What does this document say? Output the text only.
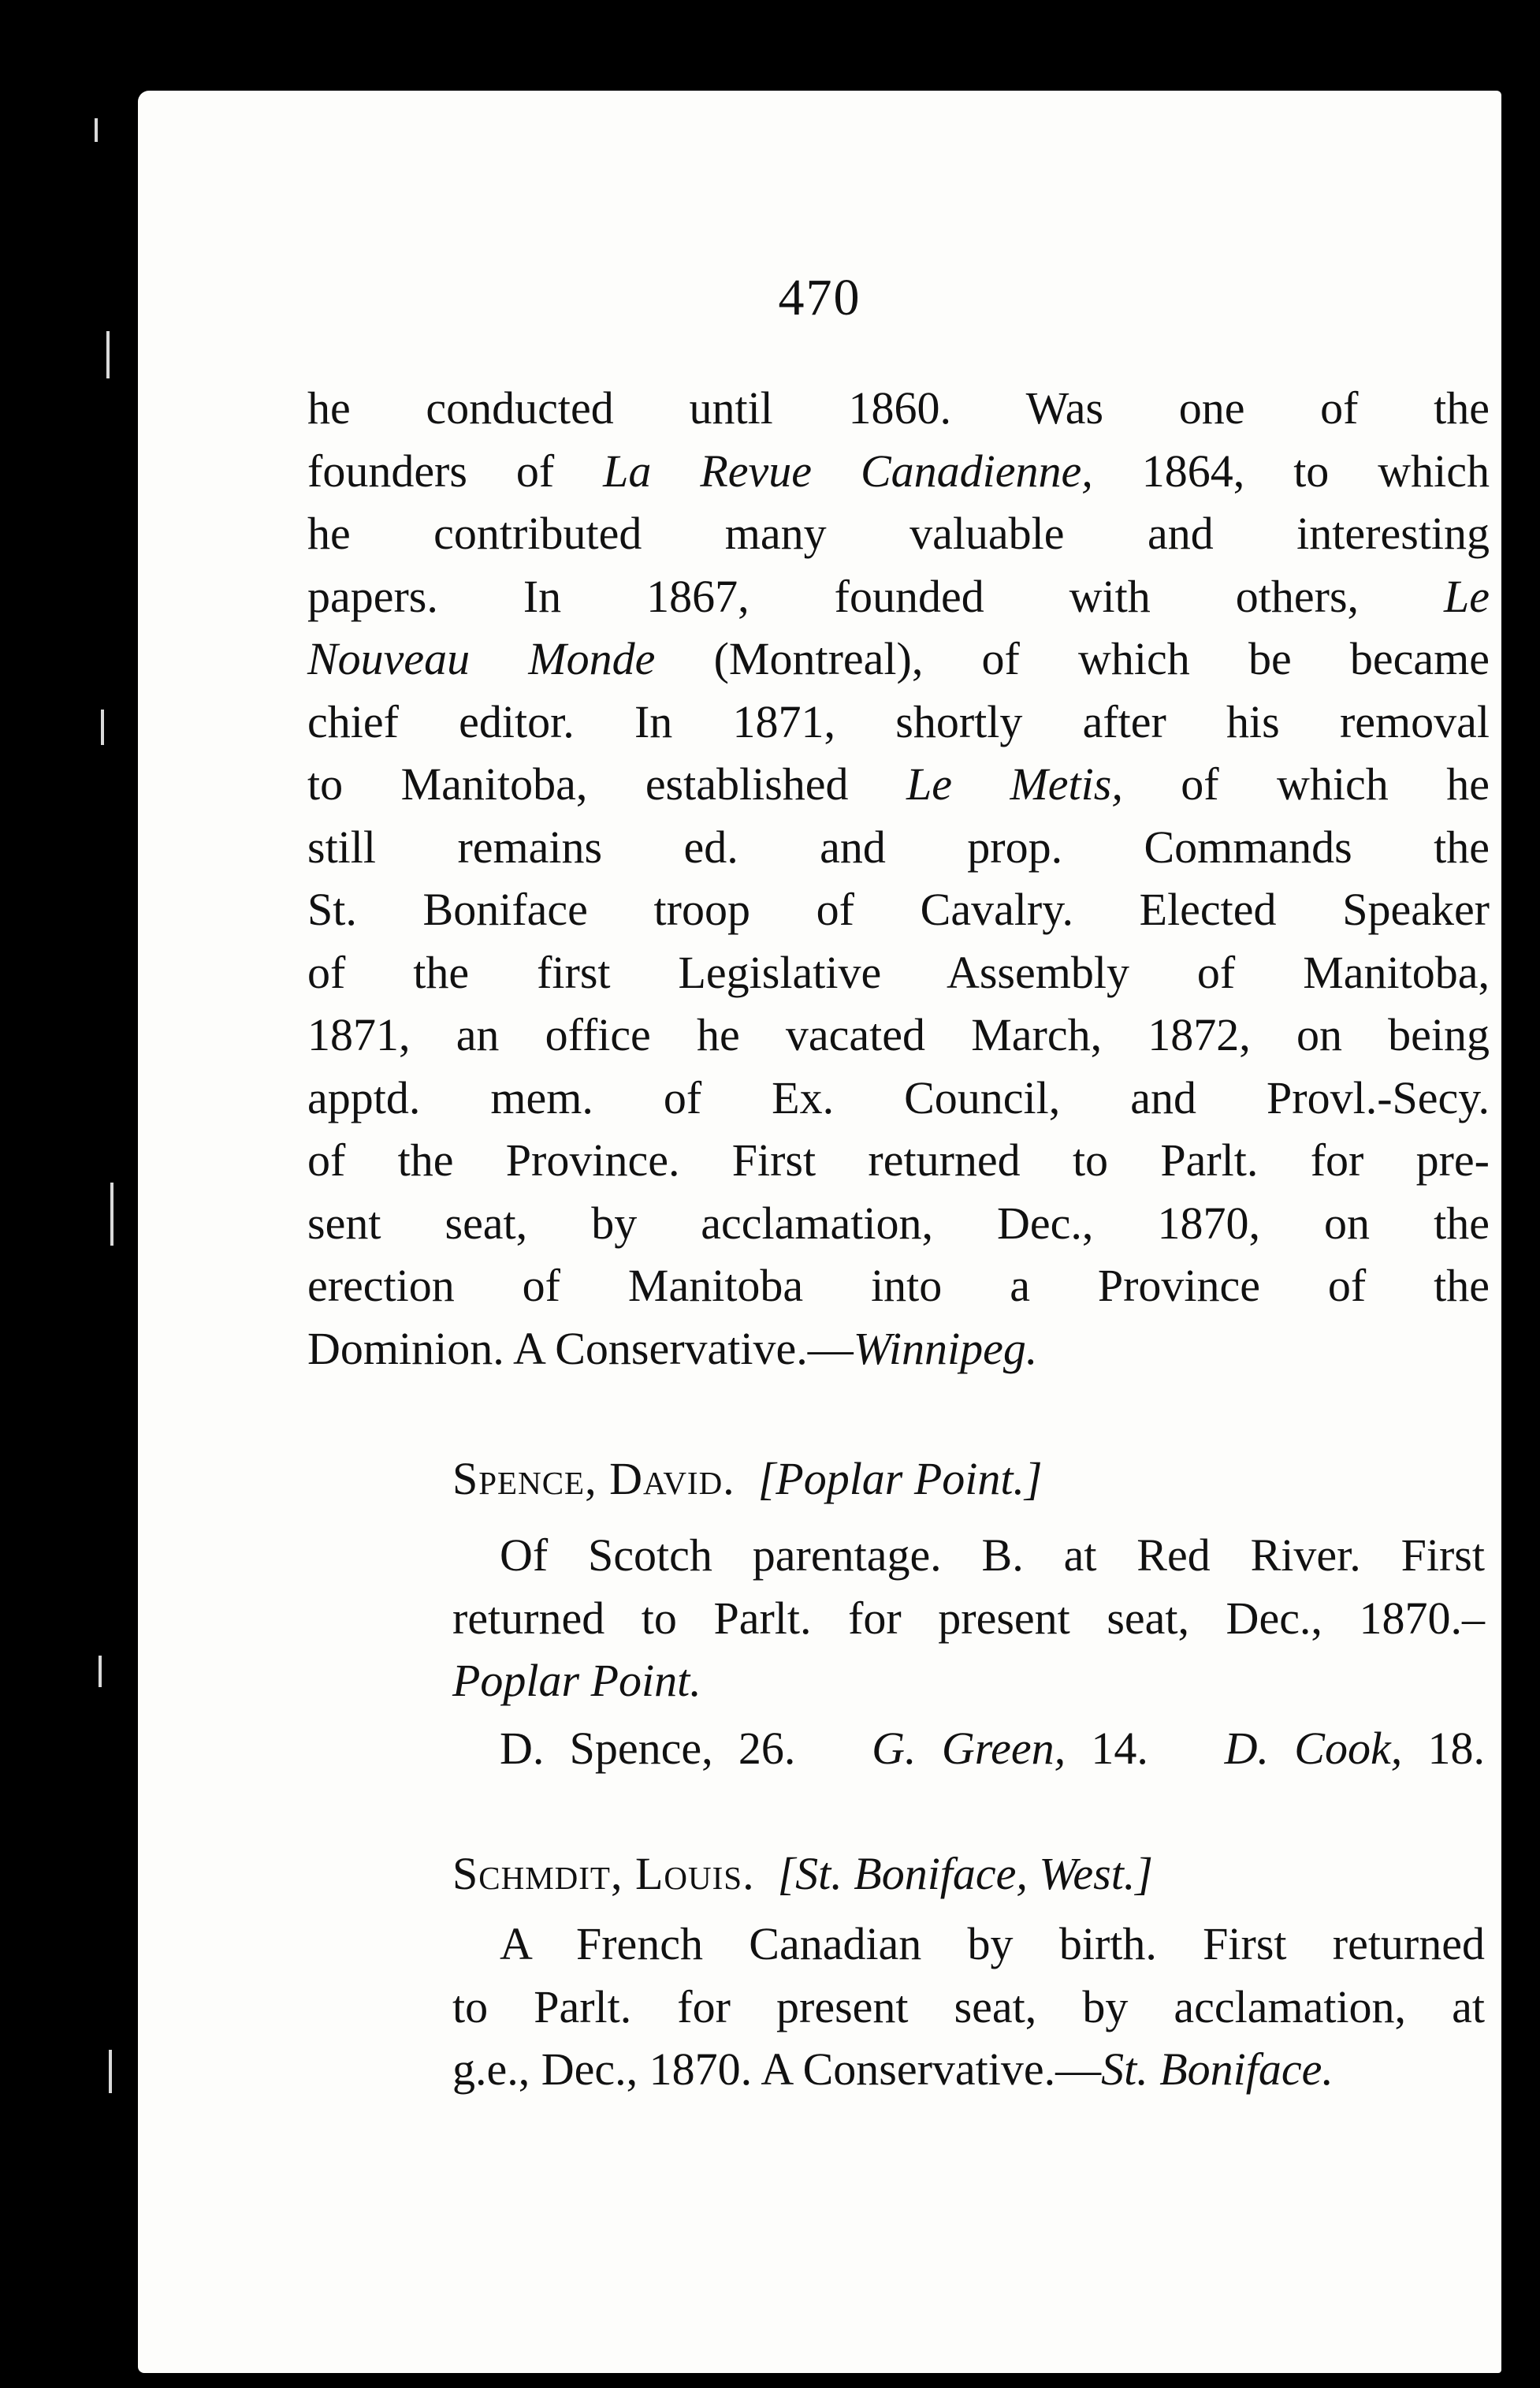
470
he conducted until 1860. Was one of the
founders of La Revue Canadienne, 1864, to which
he contributed many valuable and interesting
papers. In 1867, founded with others, Le
Nouveau Monde (Montreal), of which be became
chief editor. In 1871, shortly after his removal
to Manitoba, established Le Metis, of which he
still remains ed. and prop. Commands the
St. Boniface troop of Cavalry. Elected Speaker
of the first Legislative Assembly of Manitoba,
1871, an office he vacated March, 1872, on being
apptd. mem. of Ex. Council, and Provl.-Secy.
of the Province. First returned to Parlt. for pre-
sent seat, by acclamation, Dec., 1870, on the
erection of Manitoba into a Province of the
Dominion. A Conservative.—Winnipeg.
Spence, David. [Poplar Point.]
Of Scotch parentage. B. at Red River. First
returned to Parlt. for present seat, Dec., 1870.–
Poplar Point.
D. Spence, 26. G. Green, 14. D. Cook, 18.
Schmdit, Louis. [St. Boniface, West.]
A French Canadian by birth. First returned
to Parlt. for present seat, by acclamation, at
g.e., Dec., 1870. A Conservative.—St. Boniface.
